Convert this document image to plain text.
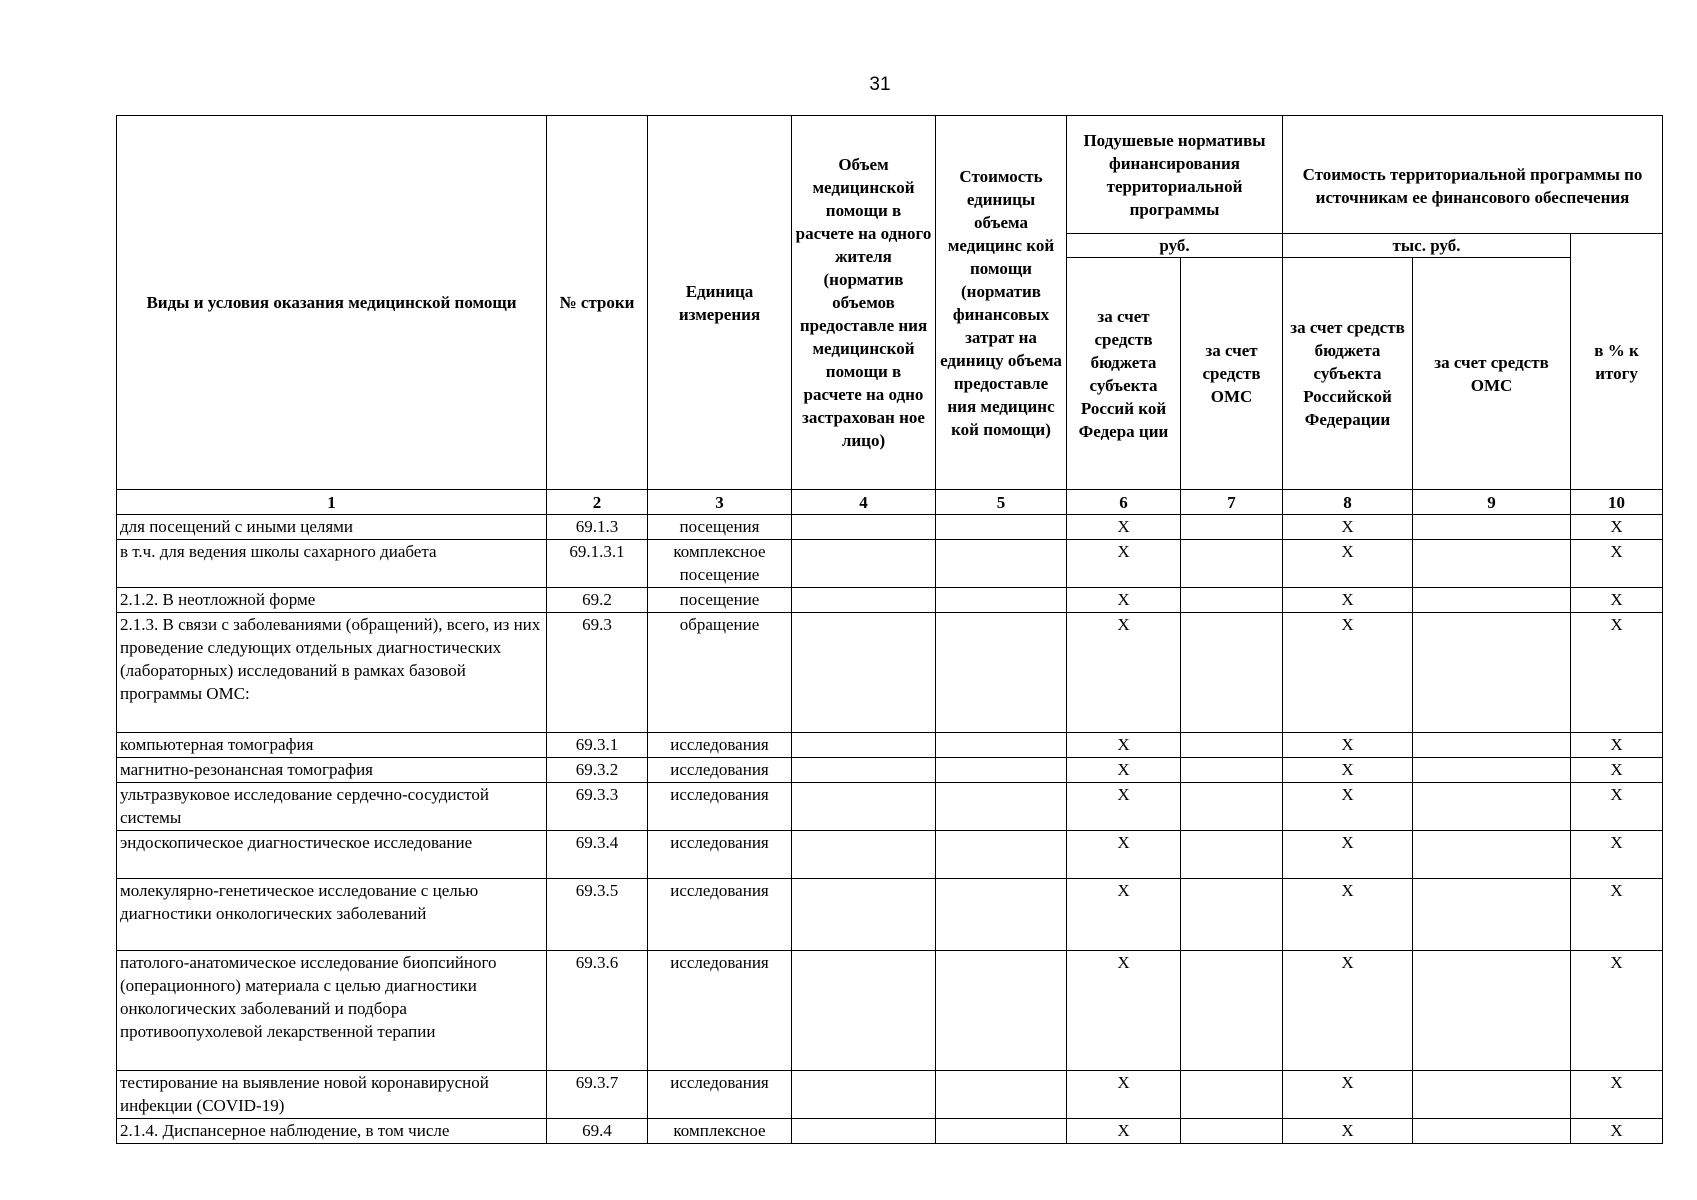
31
Виды и условия оказания медицинской помощи	№ строки	Единица измерения	Объем медицинской помощи в расчете на одного жителя (норматив объемов предоставле ния медицинской помощи в расчете на одно застрахован ное лицо)	Стоимость единицы объема медицинс кой помощи (норматив финансовых затрат на единицу объема предоставле ния медицинс кой помощи)	Подушевые нормативы финансирования территориальной программы		Стоимость территориальной программы по источникам ее финансового обеспечения		
					руб.		тыс. руб.		в % к итогу
					за счет средств бюджета субъекта Россий кой Федера ции	за счет средств ОМС	за счет средств бюджета субъекта Российской Федерации	за счет средств ОМС	
1	2	3	4	5	6	7	8	9	10
для посещений с иными целями	69.1.3	посещения			X		X		X
в т.ч. для ведения школы сахарного диабета	69.1.3.1	комплексное посещение			X		X		X
2.1.2. В неотложной форме	69.2	посещение			X		X		X
2.1.3. В связи с заболеваниями (обращений), всего, из них проведение следующих отдельных диагностических (лабораторных) исследований в рамках базовой программы ОМС:	69.3	обращение			X		X		X
компьютерная томография	69.3.1	исследования			X		X		X
магнитно-резонансная томография	69.3.2	исследования			X		X		X
ультразвуковое исследование сердечно-сосудистой системы	69.3.3	исследования			X		X		X
эндоскопическое диагностическое исследование	69.3.4	исследования			X		X		X
молекулярно-генетическое исследование с целью диагностики онкологических заболеваний	69.3.5	исследования			X		X		X
патолого-анатомическое исследование биопсийного (операционного) материала с целью диагностики онкологических заболеваний и подбора противоопухолевой лекарственной терапии	69.3.6	исследования			X		X		X
тестирование на выявление новой коронавирусной инфекции (COVID-19)	69.3.7	исследования			X		X		X
2.1.4. Диспансерное наблюдение, в том числе	69.4	комплексное			X		X		X
